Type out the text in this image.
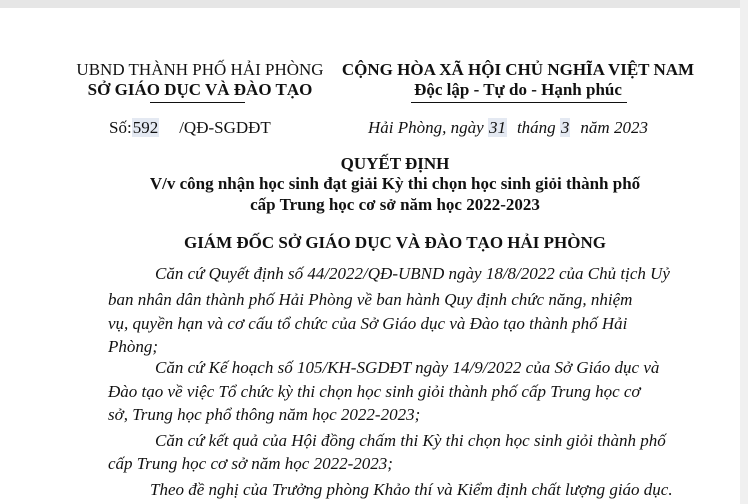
UBND THÀNH PHỐ HẢI PHÒNG
SỞ GIÁO DỤC VÀ ĐÀO TẠO
CỘNG HÒA XÃ HỘI CHỦ NGHĨA VIỆT NAM
Độc lập - Tự do - Hạnh phúc
Số:592 /QĐ-SGDĐT	Hải Phòng, ngày 31 tháng 3 năm 2023
QUYẾT ĐỊNH
V/v công nhận học sinh đạt giải Kỳ thi chọn học sinh giỏi thành phố
cấp Trung học cơ sở năm học 2022-2023
GIÁM ĐỐC SỞ GIÁO DỤC VÀ ĐÀO TẠO HẢI PHÒNG
Căn cứ Quyết định số 44/2022/QĐ-UBND ngày 18/8/2022 của Chủ tịch Uỷ
ban nhân dân thành phố Hải Phòng về ban hành Quy định chức năng, nhiệm
vụ, quyền hạn và cơ cấu tổ chức của Sở Giáo dục và Đào tạo thành phố Hải
Phòng;
Căn cứ Kế hoạch số 105/KH-SGDĐT ngày 14/9/2022 của Sở Giáo dục và
Đào tạo về việc Tổ chức kỳ thi chọn học sinh giỏi thành phố cấp Trung học cơ
sở, Trung học phổ thông năm học 2022-2023;
Căn cứ kết quả của Hội đồng chấm thi Kỳ thi chọn học sinh giỏi thành phố
cấp Trung học cơ sở năm học 2022-2023;
Theo đề nghị của Trưởng phòng Khảo thí và Kiểm định chất lượng giáo dục.
